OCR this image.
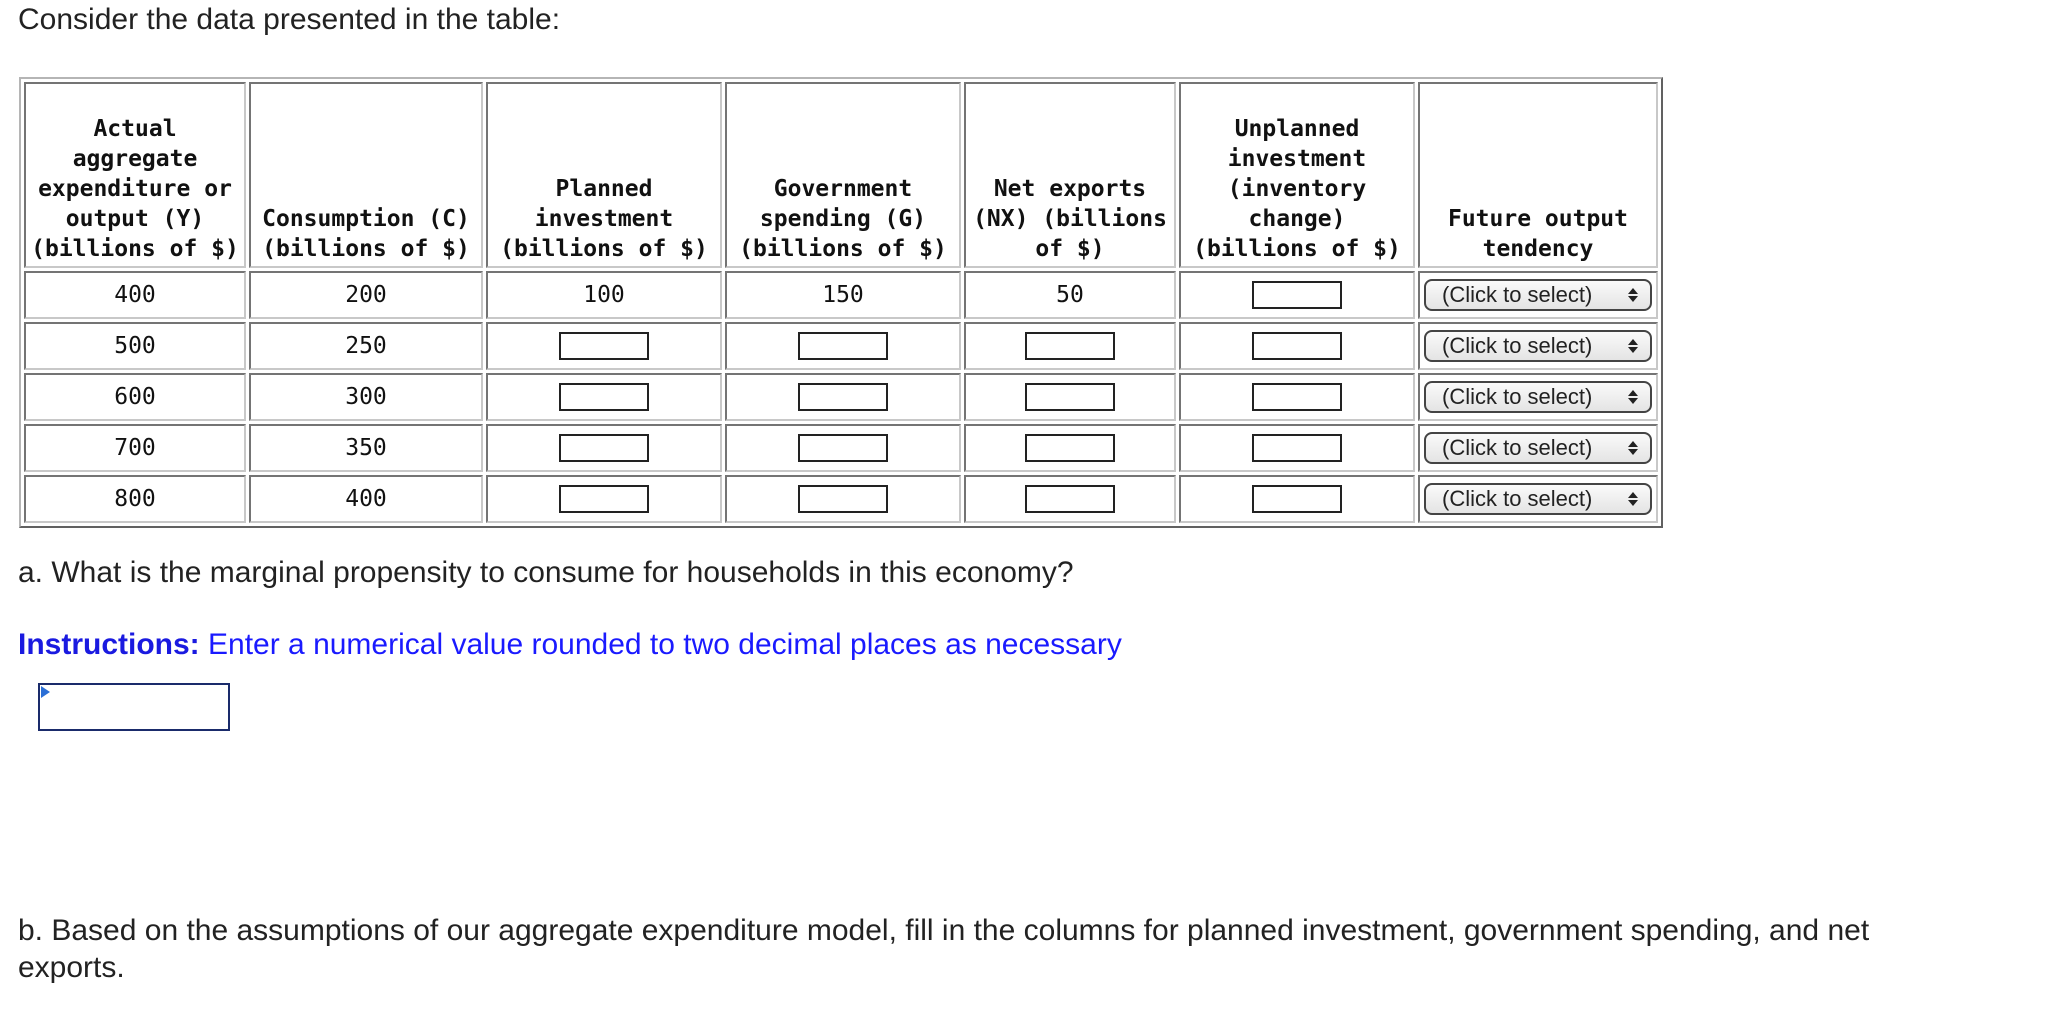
Consider the data presented in the table:
Actual aggregate expenditure or output (Y) (billions of $)	Consumption (C) (billions of $)	Planned investment (billions of $)	Government spending (G) (billions of $)	Net exports (NX) (billions of $)	Unplanned investment (inventory change) (billions of $)	Future output tendency
400	200	100	150	50		(Click to select)

500	250					(Click to select)

600	300					(Click to select)

700	350					(Click to select)

800	400					(Click to select)
a. What is the marginal propensity to consume for households in this economy?
Instructions: Enter a numerical value rounded to two decimal places as necessary
b. Based on the assumptions of our aggregate expenditure model, fill in the columns for planned investment, government spending, and net exports.
